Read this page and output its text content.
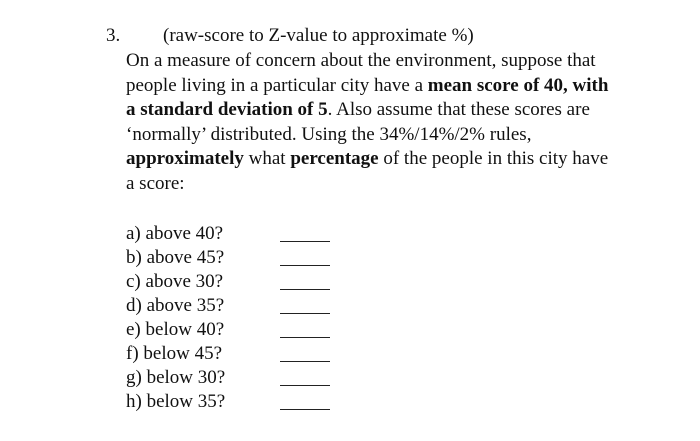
3. (raw-score to Z-value to approximate %)
On a measure of concern about the environment, suppose that
people living in a particular city have a mean score of 40, with
a standard deviation of 5. Also assume that these scores are
‘normally’ distributed. Using the 34%/14%/2% rules,
approximately what percentage of the people in this city have
a score:
a) above 40?
b) above 45?
c) above 30?
d) above 35?
e) below 40?
f) below 45?
g) below 30?
h) below 35?
